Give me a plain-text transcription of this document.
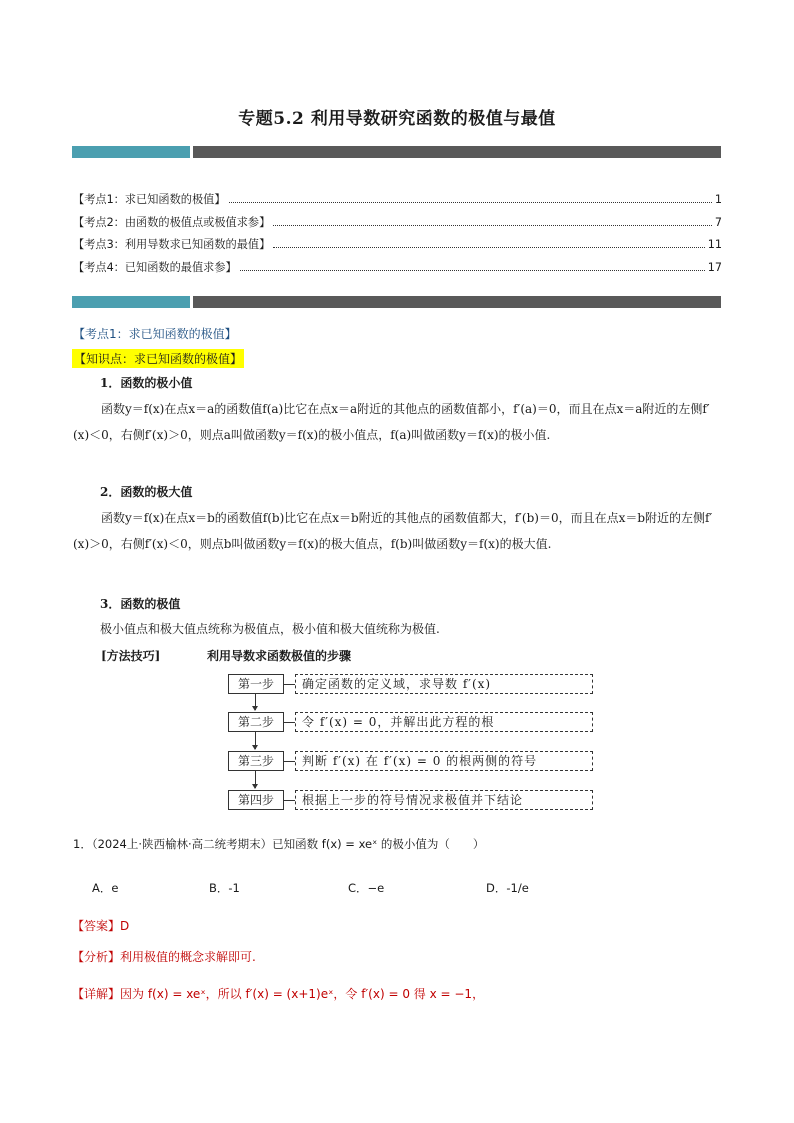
专题5.2 利用导数研究函数的极值与最值
【考点1：求已知函数的极值】	1
【考点2：由函数的极值点或极值求参】	7
【考点3：利用导数求已知函数的最值】	11
【考点4：已知函数的最值求参】	17
【考点1：求已知函数的极值】
【知识点：求已知函数的极值】
1．函数的极小值
函数y＝f(x)在点x＝a的函数值f(a)比它在点x＝a附近的其他点的函数值都小，f′(a)＝0，而且在点x＝a附近的左侧f′(x)＜0，右侧f′(x)＞0，则点a叫做函数y＝f(x)的极小值点，f(a)叫做函数y＝f(x)的极小值.
2．函数的极大值
函数y＝f(x)在点x＝b的函数值f(b)比它在点x＝b附近的其他点的函数值都大，f′(b)＝0，而且在点x＝b附近的左侧f′(x)＞0，右侧f′(x)＜0，则点b叫做函数y＝f(x)的极大值点，f(b)叫做函数y＝f(x)的极大值.
3．函数的极值
极小值点和极大值点统称为极值点，极小值和极大值统称为极值.
[方法技巧]	利用导数求函数极值的步骤
第一步	确定函数的定义域，求导数 f′(x)
第二步	令 f′(x) = 0，并解出此方程的根
第三步	判断 f′(x) 在 f′(x) = 0 的根两侧的符号
第四步	根据上一步的符号情况求极值并下结论
1．（2024上·陕西榆林·高二统考期末）已知函数 f(x) = xeˣ 的极小值为（　　）
A．e	B．-1	C．−e	D．-1/e
【答案】D
【分析】利用极值的概念求解即可.
【详解】因为 f(x) = xeˣ，所以 f′(x) = (x+1)eˣ，令 f′(x) = 0 得 x = −1，
